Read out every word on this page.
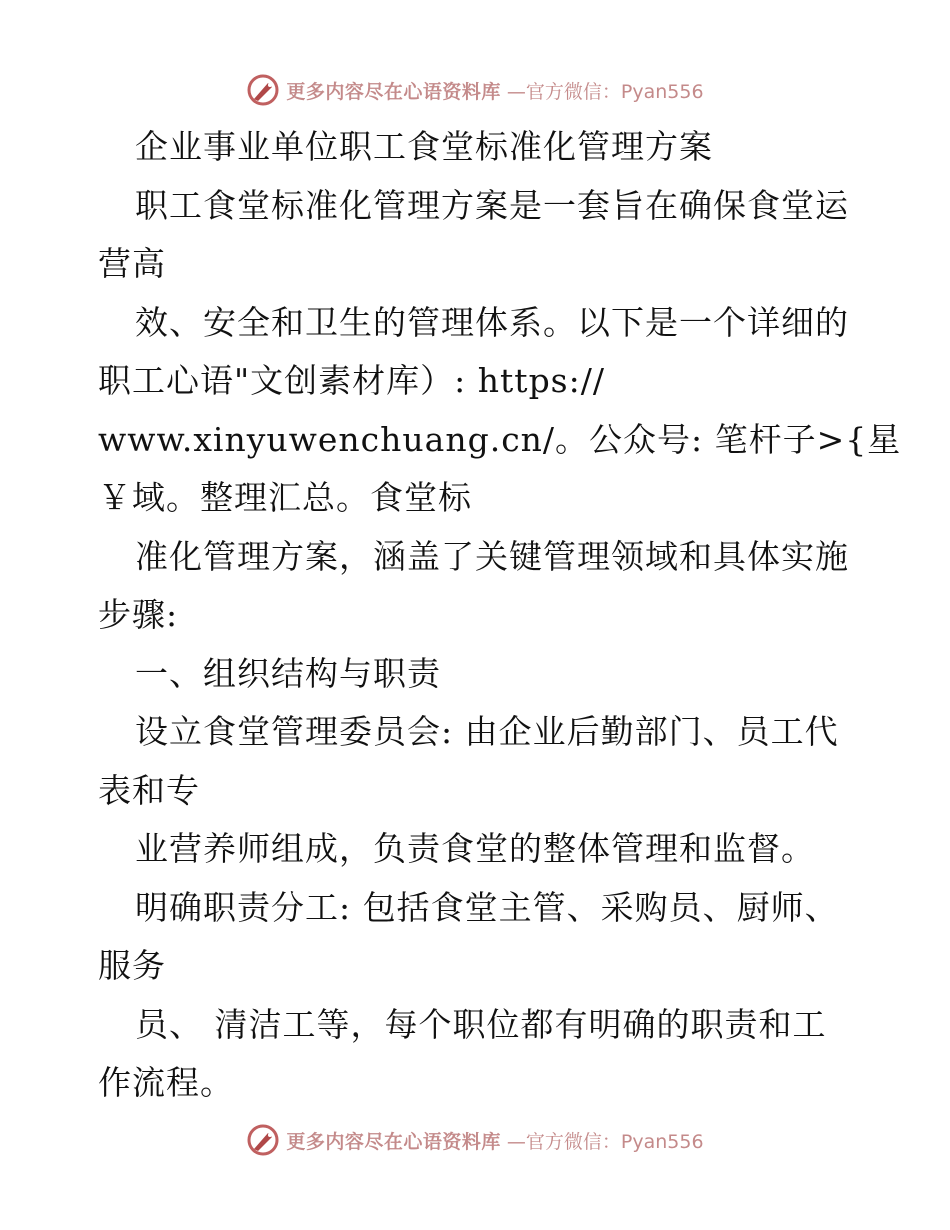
更多内容尽在心语资料库 —官方微信：Pyan556
企业事业单位职工食堂标准化管理方案
职工食堂标准化管理方案是一套旨在确保食堂运
营高
效、安全和卫生的管理体系。以下是一个详细的
职工心语"文创素材库）: https://
www.xinyuwenchuang.cn/。公众号: 笔杆子>{星
￥域。整理汇总。食堂标
准化管理方案，涵盖了关键管理领域和具体实施
步骤:
一、组织结构与职责
设立食堂管理委员会: 由企业后勤部门、员工代
表和专
业营养师组成，负责食堂的整体管理和监督。
明确职责分工: 包括食堂主管、采购员、厨师、
服务
员、 清洁工等，每个职位都有明确的职责和工
作流程。
更多内容尽在心语资料库 —官方微信：Pyan556
